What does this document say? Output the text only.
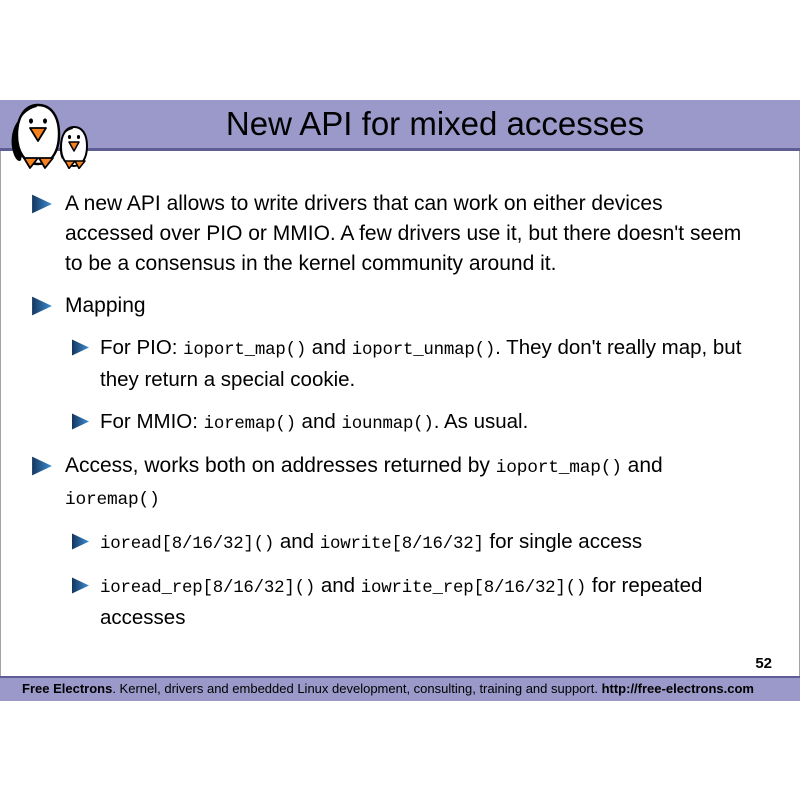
New API for mixed accesses
A new API allows to write drivers that can work on either devices accessed over PIO or MMIO. A few drivers use it, but there doesn't seem to be a consensus in the kernel community around it.
Mapping
For PIO: ioport_map() and ioport_unmap(). They don't really map, but they return a special cookie.
For MMIO: ioremap() and iounmap(). As usual.
Access, works both on addresses returned by ioport_map() and ioremap()
ioread[8/16/32]() and iowrite[8/16/32] for single access
ioread_rep[8/16/32]() and iowrite_rep[8/16/32]() for repeated accesses
52
Free Electrons. Kernel, drivers and embedded Linux development, consulting, training and support. http://free-electrons.com
